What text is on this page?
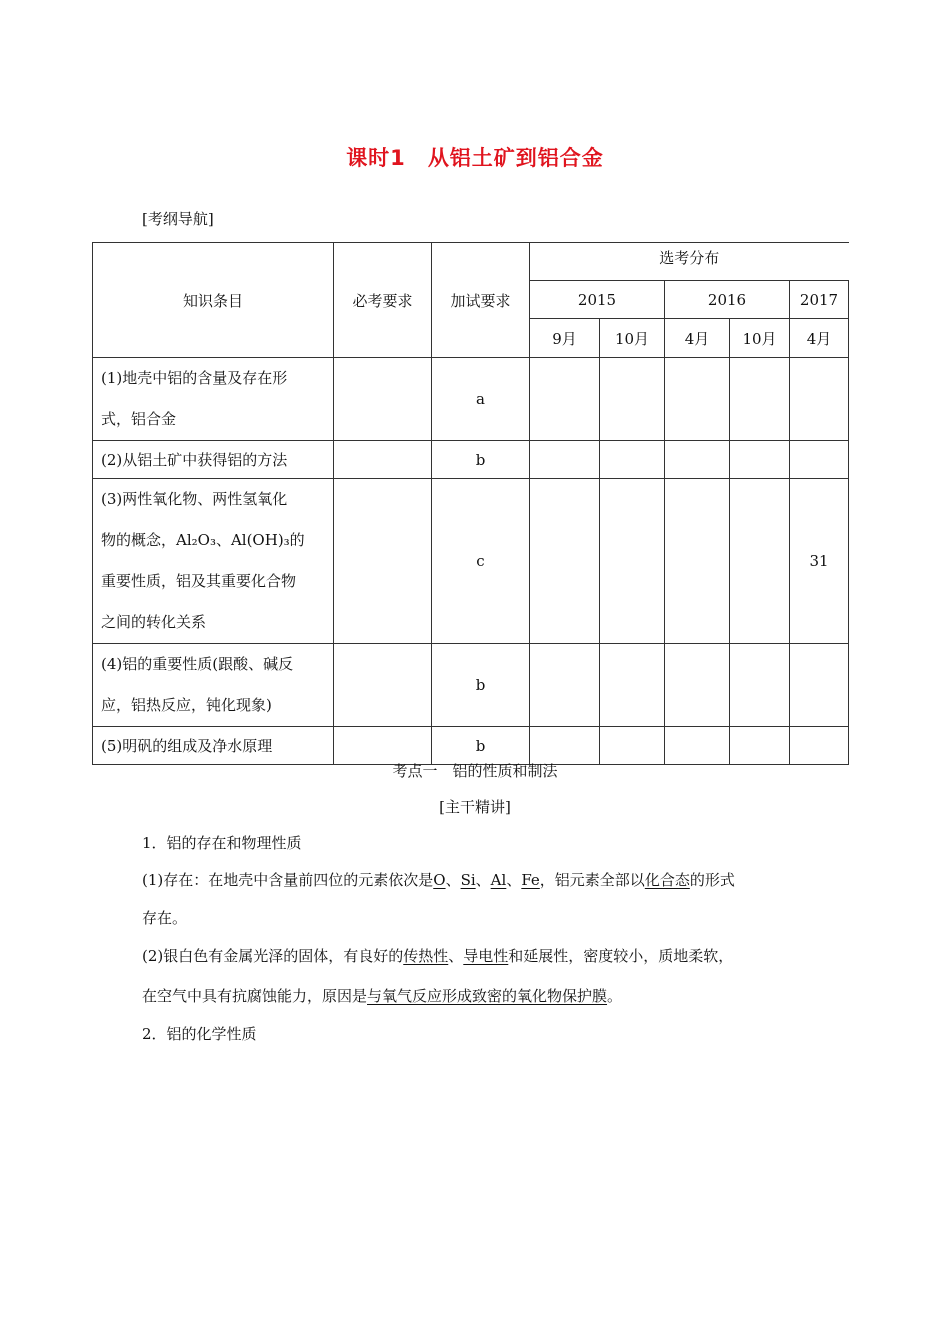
课时1 从铝土矿到铝合金
[考纲导航]
知识条目	必考要求	加试要求	选考分布				
			2015		2016		2017
			9月	10月	4月	10月	4月

(1)地壳中铝的含量及存在形
式，铝合金		a					

(2)从铝土矿中获得铝的方法		b					

(3)两性氧化物、两性氢氧化
物的概念，Al₂O₃、Al(OH)₃的
重要性质，铝及其重要化合物
之间的转化关系		c					31

(4)铝的重要性质(跟酸、碱反
应，铝热反应，钝化现象)		b					

(5)明矾的组成及净水原理		b					
考点一　铝的性质和制法
[主干精讲]
1．铝的存在和物理性质
(1)存在：在地壳中含量前四位的元素依次是O、Si、Al、Fe，铝元素全部以化合态的形式
存在。
(2)银白色有金属光泽的固体，有良好的传热性、导电性和延展性，密度较小，质地柔软，
在空气中具有抗腐蚀能力，原因是与氧气反应形成致密的氧化物保护膜。
2．铝的化学性质
